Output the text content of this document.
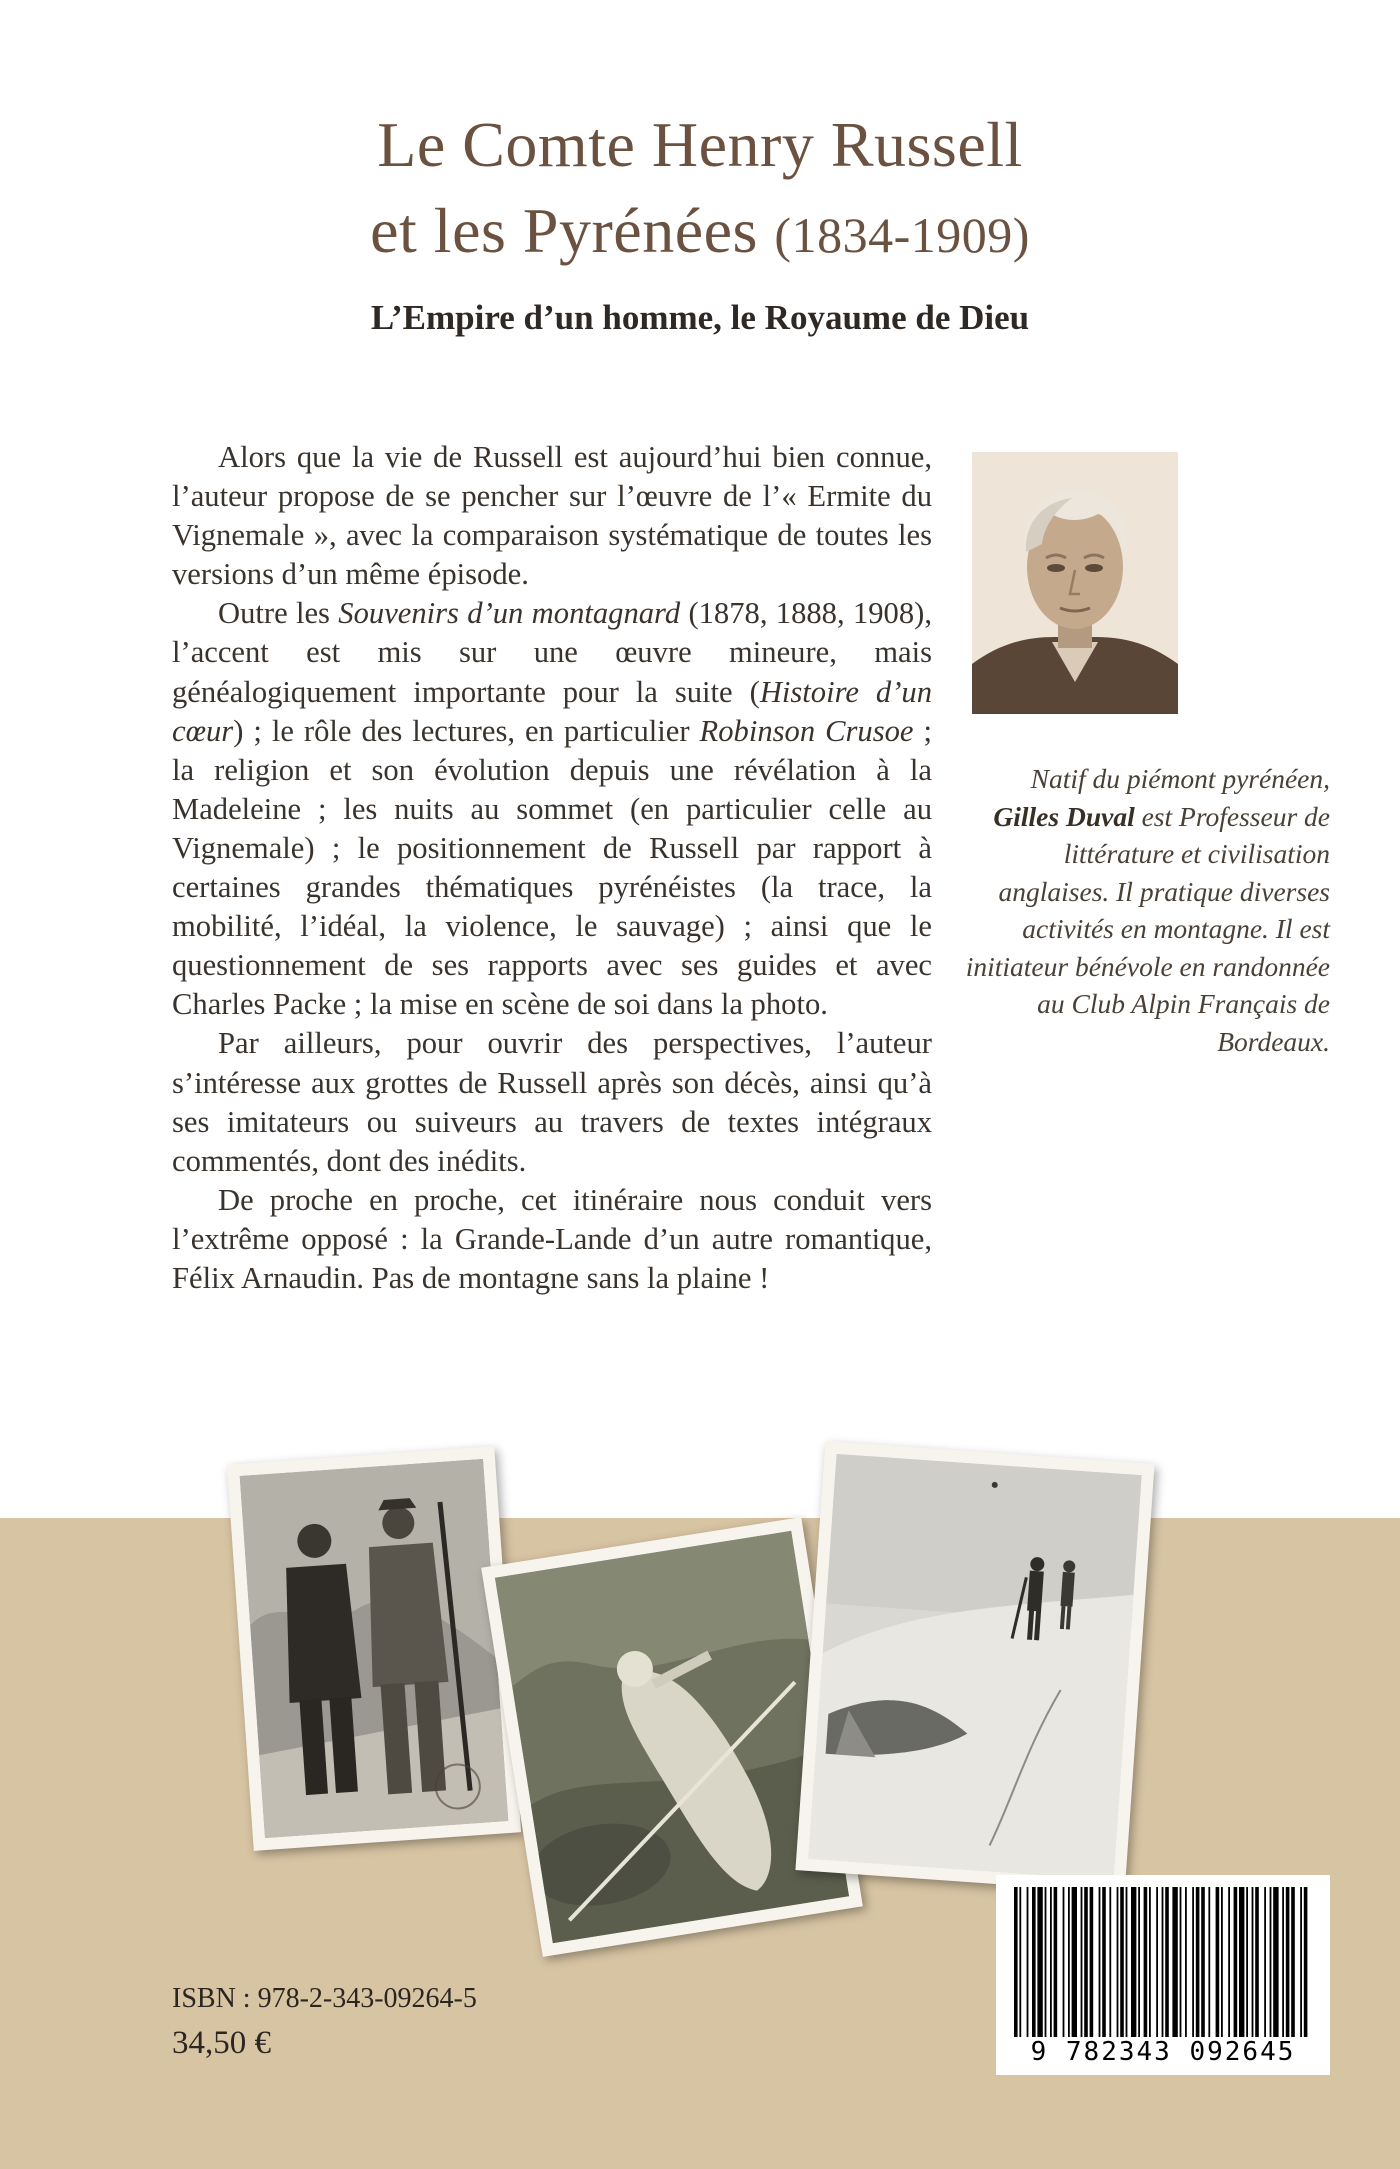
Le Comte Henry Russell
et les Pyrénées (1834-1909)
L’Empire d’un homme, le Royaume de Dieu

Alors que la vie de Russell est aujourd’hui bien connue, l’auteur propose de se pencher sur l’œuvre de l’« Ermite du Vignemale », avec la comparaison systématique de toutes les versions d’un même épisode.

Outre les Souvenirs d’un montagnard (1878, 1888, 1908), l’accent est mis sur une œuvre mineure, mais généalogiquement importante pour la suite (Histoire d’un cœur) ; le rôle des lectures, en particulier Robinson Crusoe ; la religion et son évolution depuis une révélation à la Madeleine ; les nuits au sommet (en particulier celle au Vignemale) ; le positionnement de Russell par rapport à certaines grandes thématiques pyrénéistes (la trace, la mobilité, l’idéal, la violence, le sauvage) ; ainsi que le questionnement de ses rapports avec ses guides et avec Charles Packe ; la mise en scène de soi dans la photo.

Par ailleurs, pour ouvrir des perspectives, l’auteur s’intéresse aux grottes de Russell après son décès, ainsi qu’à ses imitateurs ou suiveurs au travers de textes intégraux commentés, dont des inédits.

De proche en proche, cet itinéraire nous conduit vers l’extrême opposé : la Grande-Lande d’un autre romantique, Félix Arnaudin. Pas de montagne sans la plaine !

Natif du piémont pyrénéen, Gilles Duval est Professeur de littérature et civilisation anglaises. Il pratique diverses activités en montagne. Il est initiateur bénévole en randonnée au Club Alpin Français de Bordeaux.
ISBN : 978-2-343-09264-5
34,50 €	9 782343 092645
